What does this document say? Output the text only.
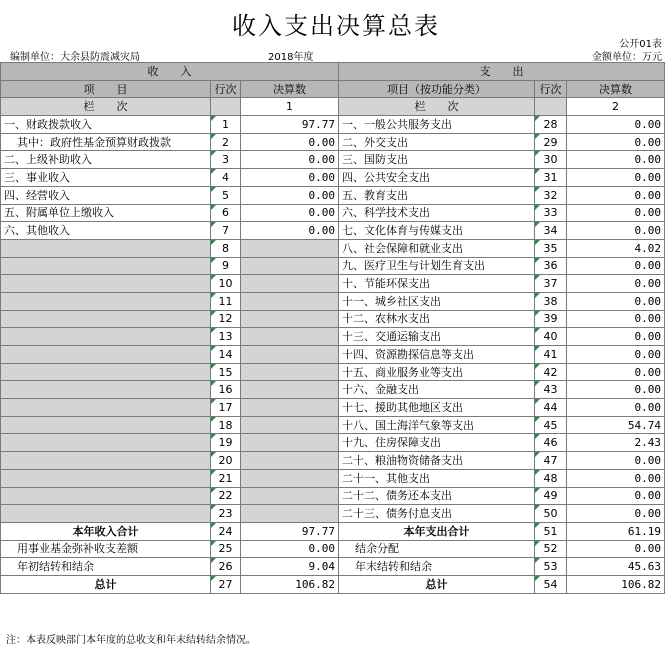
收入支出决算总表
公开01表
编制单位：大余县防震减灾局	2018年度	金额单位：万元
收　　入			支　　出		
项　　目	行次	决算数	项目（按功能分类）	行次	决算数
栏　　次		1	栏　　次		2
一、财政拨款收入	1	97.77	一、一般公共服务支出	28	0.00
其中：政府性基金预算财政拨款	2	0.00	二、外交支出	29	0.00
二、上级补助收入	3	0.00	三、国防支出	30	0.00
三、事业收入	4	0.00	四、公共安全支出	31	0.00
四、经营收入	5	0.00	五、教育支出	32	0.00
五、附属单位上缴收入	6	0.00	六、科学技术支出	33	0.00
六、其他收入	7	0.00	七、文化体育与传媒支出	34	0.00
	8		八、社会保障和就业支出	35	4.02
	9		九、医疗卫生与计划生育支出	36	0.00
	10		十、节能环保支出	37	0.00
	11		十一、城乡社区支出	38	0.00
	12		十二、农林水支出	39	0.00
	13		十三、交通运输支出	40	0.00
	14		十四、资源勘探信息等支出	41	0.00
	15		十五、商业服务业等支出	42	0.00
	16		十六、金融支出	43	0.00
	17		十七、援助其他地区支出	44	0.00
	18		十八、国土海洋气象等支出	45	54.74
	19		十九、住房保障支出	46	2.43
	20		二十、粮油物资储备支出	47	0.00
	21		二十一、其他支出	48	0.00
	22		二十二、债务还本支出	49	0.00
	23		二十三、债务付息支出	50	0.00
本年收入合计	24	97.77	本年支出合计	51	61.19
用事业基金弥补收支差额	25	0.00	结余分配	52	0.00
年初结转和结余	26	9.04	年末结转和结余	53	45.63
总计	27	106.82	总计	54	106.82
注：本表反映部门本年度的总收支和年末结转结余情况。
